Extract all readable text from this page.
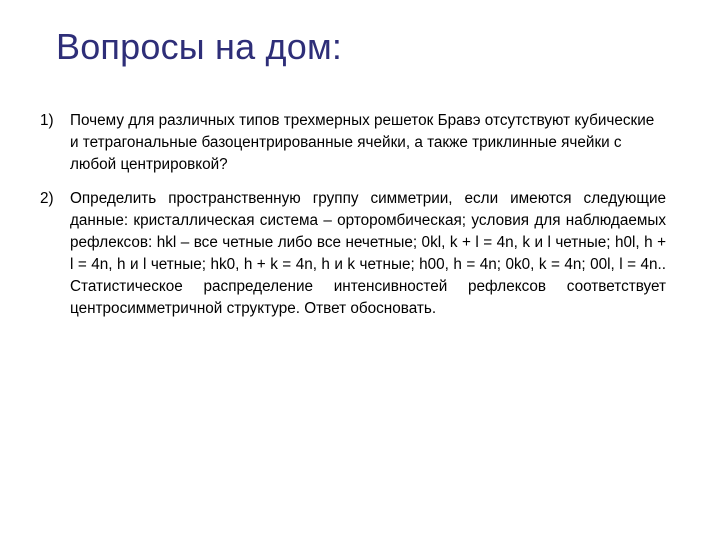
Вопросы на дом:
1)	Почему для различных типов трехмерных решеток Бравэ отсутствуют кубические и тетрагональные базоцентрированные ячейки, а также триклинные ячейки с любой центрировкой?
2)	Определить пространственную группу симметрии, если имеются следующие данные: кристаллическая система – орторомбическая; условия для наблюдаемых рефлексов: hkl – все четные либо все нечетные; 0kl, k + l = 4n, k и l четные; h0l, h + l = 4n, h и l четные; hk0, h + k = 4n, h и k четные; h00, h = 4n; 0k0, k = 4n; 00l, l = 4n.. Статистическое распределение интенсивностей рефлексов соответствует центросимметричной структуре. Ответ обосновать.
